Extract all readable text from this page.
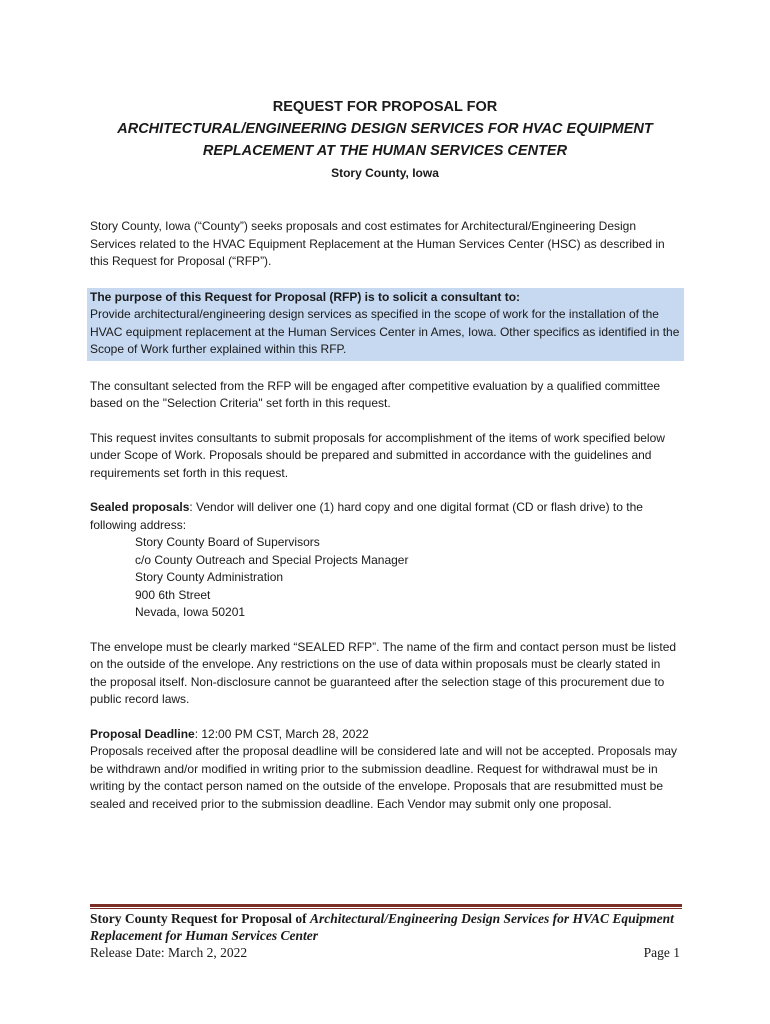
REQUEST FOR PROPOSAL FOR
ARCHITECTURAL/ENGINEERING DESIGN SERVICES FOR HVAC EQUIPMENT
REPLACEMENT AT THE HUMAN SERVICES CENTER
Story County, Iowa

Story County, Iowa (“County”) seeks proposals and cost estimates for Architectural/Engineering Design Services related to the HVAC Equipment Replacement at the Human Services Center (HSC) as described in this Request for Proposal (“RFP”).

The purpose of this Request for Proposal (RFP) is to solicit a consultant to:
Provide architectural/engineering design services as specified in the scope of work for the installation of the HVAC equipment replacement at the Human Services Center in Ames, Iowa. Other specifics as identified in the Scope of Work further explained within this RFP.

The consultant selected from the RFP will be engaged after competitive evaluation by a qualified committee based on the "Selection Criteria" set forth in this request.

This request invites consultants to submit proposals for accomplishment of the items of work specified below under Scope of Work. Proposals should be prepared and submitted in accordance with the guidelines and requirements set forth in this request.

Sealed proposals: Vendor will deliver one (1) hard copy and one digital format (CD or flash drive) to the following address:

Story County Board of Supervisors
c/o County Outreach and Special Projects Manager
Story County Administration
900 6th Street
Nevada, Iowa 50201

The envelope must be clearly marked “SEALED RFP”. The name of the firm and contact person must be listed on the outside of the envelope. Any restrictions on the use of data within proposals must be clearly stated in the proposal itself. Non-disclosure cannot be guaranteed after the selection stage of this procurement due to public record laws.

Proposal Deadline: 12:00 PM CST, March 28, 2022

Proposals received after the proposal deadline will be considered late and will not be accepted. Proposals may be withdrawn and/or modified in writing prior to the submission deadline. Request for withdrawal must be in writing by the contact person named on the outside of the envelope. Proposals that are resubmitted must be sealed and received prior to the submission deadline. Each Vendor may submit only one proposal.

Story County Request for Proposal of Architectural/Engineering Design Services for HVAC Equipment Replacement for Human Services Center
Release Date: March 2, 2022	Page 1
